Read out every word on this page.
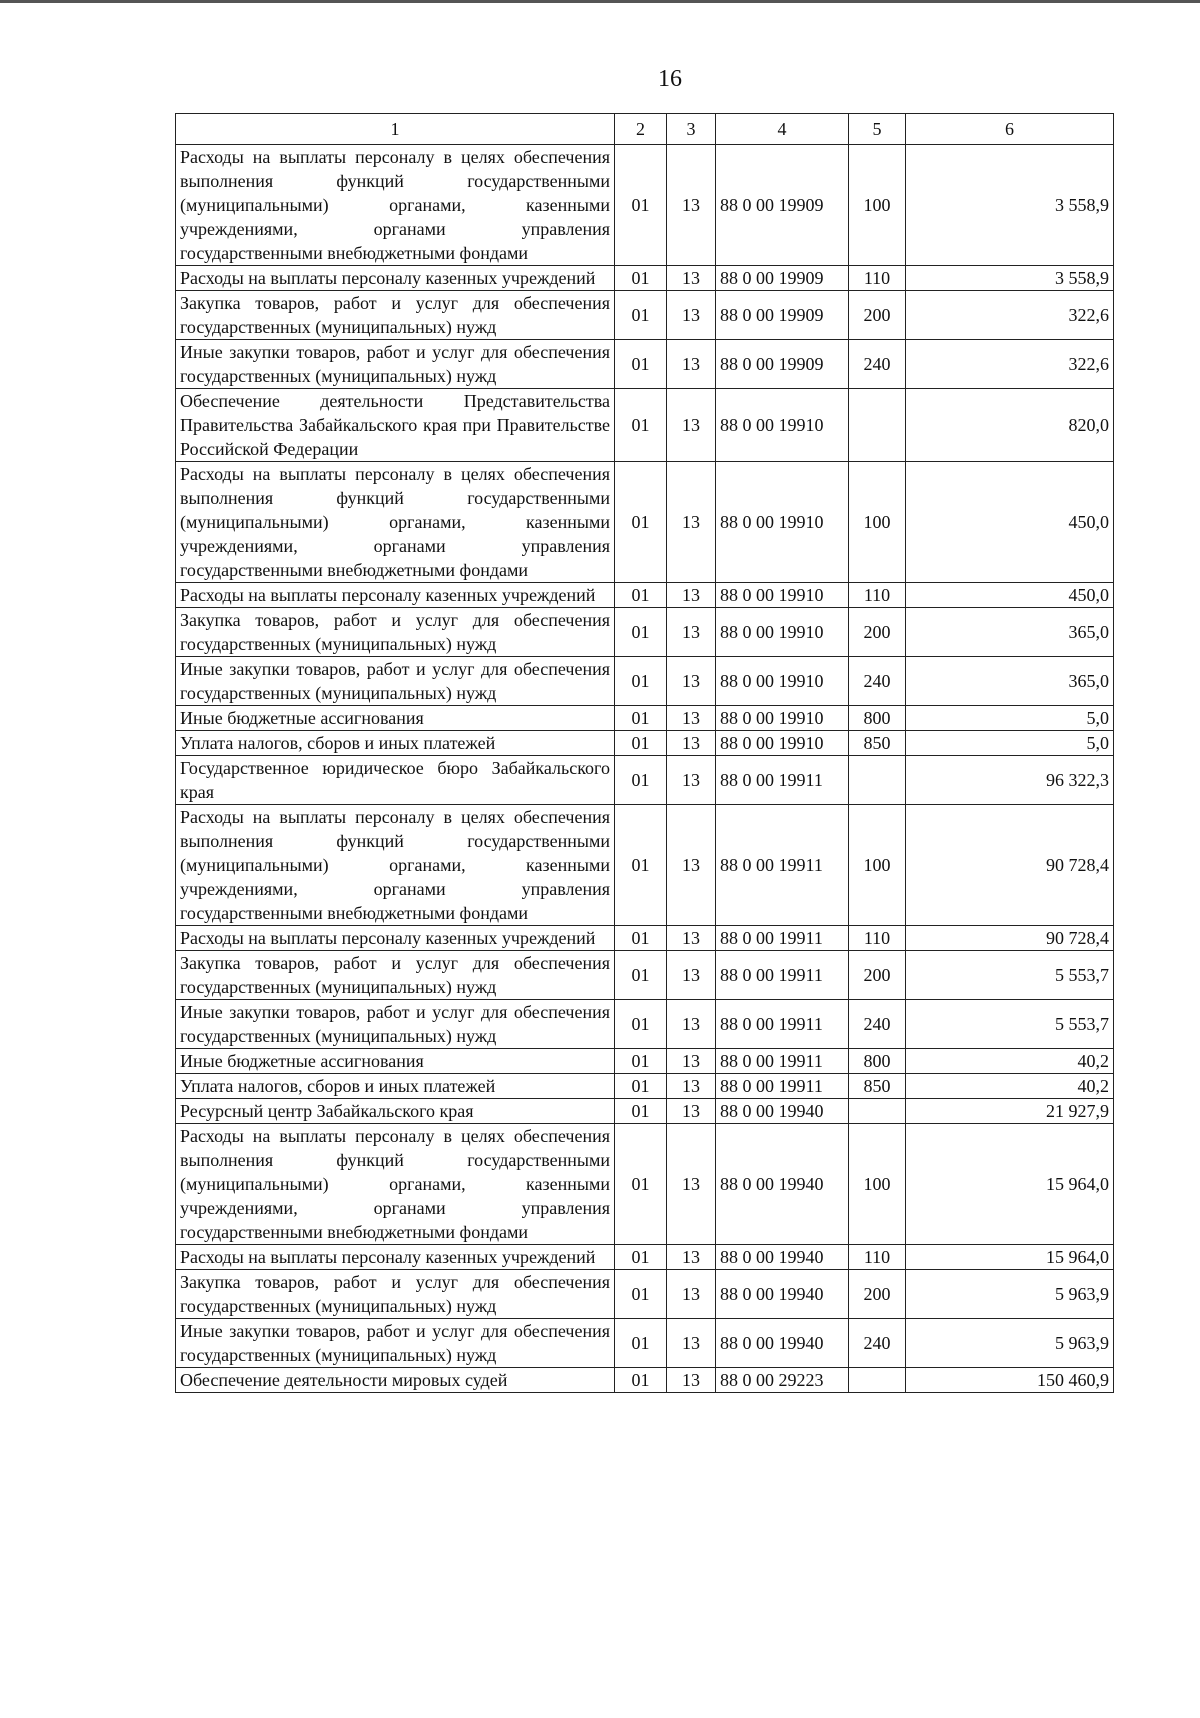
16
1	2	3	4	5	6
Расходы на выплаты персоналу в целях обеспечения выполнения функций государственными (муниципальными) органами, казенными учреждениями, органами управления государственными внебюджетными фондами	01	13	88 0 00 19909	100	3 558,9
Расходы на выплаты персоналу казенных учреждений	01	13	88 0 00 19909	110	3 558,9
Закупка товаров, работ и услуг для обеспечения государственных (муниципальных) нужд	01	13	88 0 00 19909	200	322,6
Иные закупки товаров, работ и услуг для обеспечения государственных (муниципальных) нужд	01	13	88 0 00 19909	240	322,6
Обеспечение деятельности Представительства Правительства Забайкальского края при Правительстве Российской Федерации	01	13	88 0 00 19910		820,0
Расходы на выплаты персоналу в целях обеспечения выполнения функций государственными (муниципальными) органами, казенными учреждениями, органами управления государственными внебюджетными фондами	01	13	88 0 00 19910	100	450,0
Расходы на выплаты персоналу казенных учреждений	01	13	88 0 00 19910	110	450,0
Закупка товаров, работ и услуг для обеспечения государственных (муниципальных) нужд	01	13	88 0 00 19910	200	365,0
Иные закупки товаров, работ и услуг для обеспечения государственных (муниципальных) нужд	01	13	88 0 00 19910	240	365,0
Иные бюджетные ассигнования	01	13	88 0 00 19910	800	5,0
Уплата налогов, сборов и иных платежей	01	13	88 0 00 19910	850	5,0
Государственное юридическое бюро Забайкальского края	01	13	88 0 00 19911		96 322,3
Расходы на выплаты персоналу в целях обеспечения выполнения функций государственными (муниципальными) органами, казенными учреждениями, органами управления государственными внебюджетными фондами	01	13	88 0 00 19911	100	90 728,4
Расходы на выплаты персоналу казенных учреждений	01	13	88 0 00 19911	110	90 728,4
Закупка товаров, работ и услуг для обеспечения государственных (муниципальных) нужд	01	13	88 0 00 19911	200	5 553,7
Иные закупки товаров, работ и услуг для обеспечения государственных (муниципальных) нужд	01	13	88 0 00 19911	240	5 553,7
Иные бюджетные ассигнования	01	13	88 0 00 19911	800	40,2
Уплата налогов, сборов и иных платежей	01	13	88 0 00 19911	850	40,2
Ресурсный центр Забайкальского края	01	13	88 0 00 19940		21 927,9
Расходы на выплаты персоналу в целях обеспечения выполнения функций государственными (муниципальными) органами, казенными учреждениями, органами управления государственными внебюджетными фондами	01	13	88 0 00 19940	100	15 964,0
Расходы на выплаты персоналу казенных учреждений	01	13	88 0 00 19940	110	15 964,0
Закупка товаров, работ и услуг для обеспечения государственных (муниципальных) нужд	01	13	88 0 00 19940	200	5 963,9
Иные закупки товаров, работ и услуг для обеспечения государственных (муниципальных) нужд	01	13	88 0 00 19940	240	5 963,9
Обеспечение деятельности мировых судей	01	13	88 0 00 29223		150 460,9
